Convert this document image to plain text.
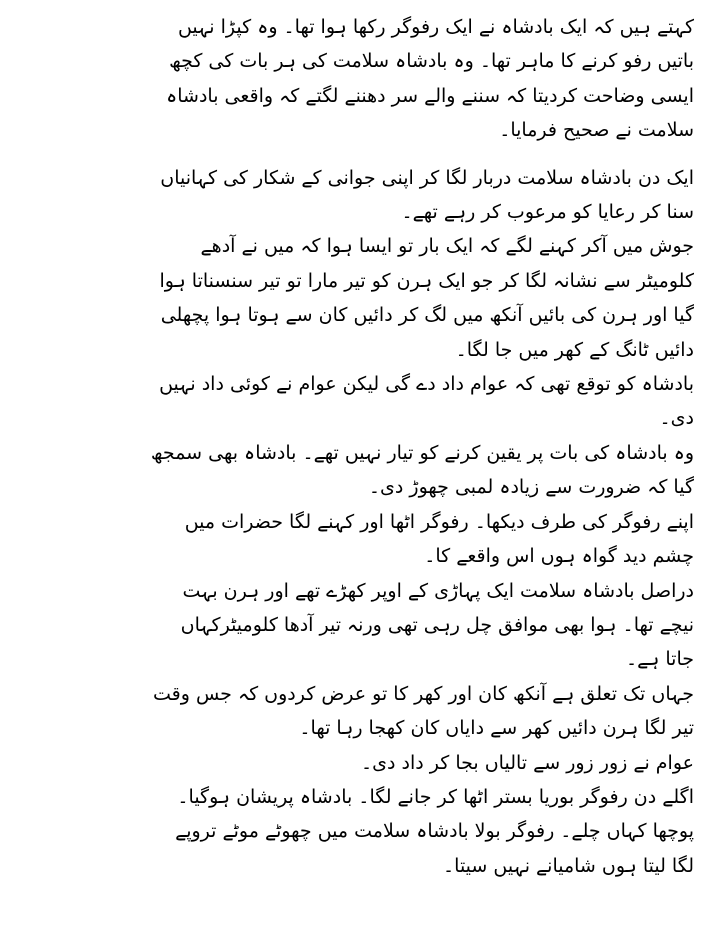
کہتے ہیں کہ ایک بادشاہ نے ایک رفوگر رکھا ہوا تھا۔ وہ کپڑا نہیں
باتیں رفو کرنے کا ماہر تھا۔ وہ بادشاہ سلامت کی ہر بات کی کچھ
ایسی وضاحت کردیتا کہ سننے والے سر دھننے لگتے کہ واقعی بادشاہ
سلامت نے صحیح فرمایا۔
ایک دن بادشاہ سلامت دربار لگا کر اپنی جوانی کے شکار کی کہانیاں
سنا کر رعایا کو مرعوب کر رہے تھے۔
جوش میں آکر کہنے لگے کہ ایک بار تو ایسا ہوا کہ میں نے آدھے
کلومیٹر سے نشانہ لگا کر جو ایک ہرن کو تیر مارا تو تیر سنسناتا ہوا
گیا اور ہرن کی بائیں آنکھ میں لگ کر دائیں کان سے ہوتا ہوا پچھلی
دائیں ٹانگ کے کھر میں جا لگا۔
بادشاہ کو توقع تھی کہ عوام داد دے گی لیکن عوام نے کوئی داد نہیں
دی۔
وہ بادشاہ کی بات پر یقین کرنے کو تیار نہیں تھے۔ بادشاہ بھی سمجھ
گیا کہ ضرورت سے زیادہ لمبی چھوڑ دی۔
اپنے رفوگر کی طرف دیکھا۔ رفوگر اٹھا اور کہنے لگا حضرات میں
چشم دید گواہ ہوں اس واقعے کا۔
دراصل بادشاہ سلامت ایک پہاڑی کے اوپر کھڑے تھے اور ہرن بہت
نیچے تھا۔ ہوا بھی موافق چل رہی تھی ورنہ تیر آدھا کلومیٹرکہاں
جاتا ہے۔
جہاں تک تعلق ہے آنکھ کان اور کھر کا تو عرض کردوں کہ جس وقت
تیر لگا ہرن دائیں کھر سے دایاں کان کھجا رہا تھا۔
عوام نے زور زور سے تالیاں بجا کر داد دی۔
اگلے دن رفوگر بوریا بستر اٹھا کر جانے لگا۔ بادشاہ پریشان ہوگیا۔
پوچھا کہاں چلے۔ رفوگر بولا بادشاہ سلامت میں چھوٹے موٹے تروپے
لگا لیتا ہوں شامیانے نہیں سیتا۔
